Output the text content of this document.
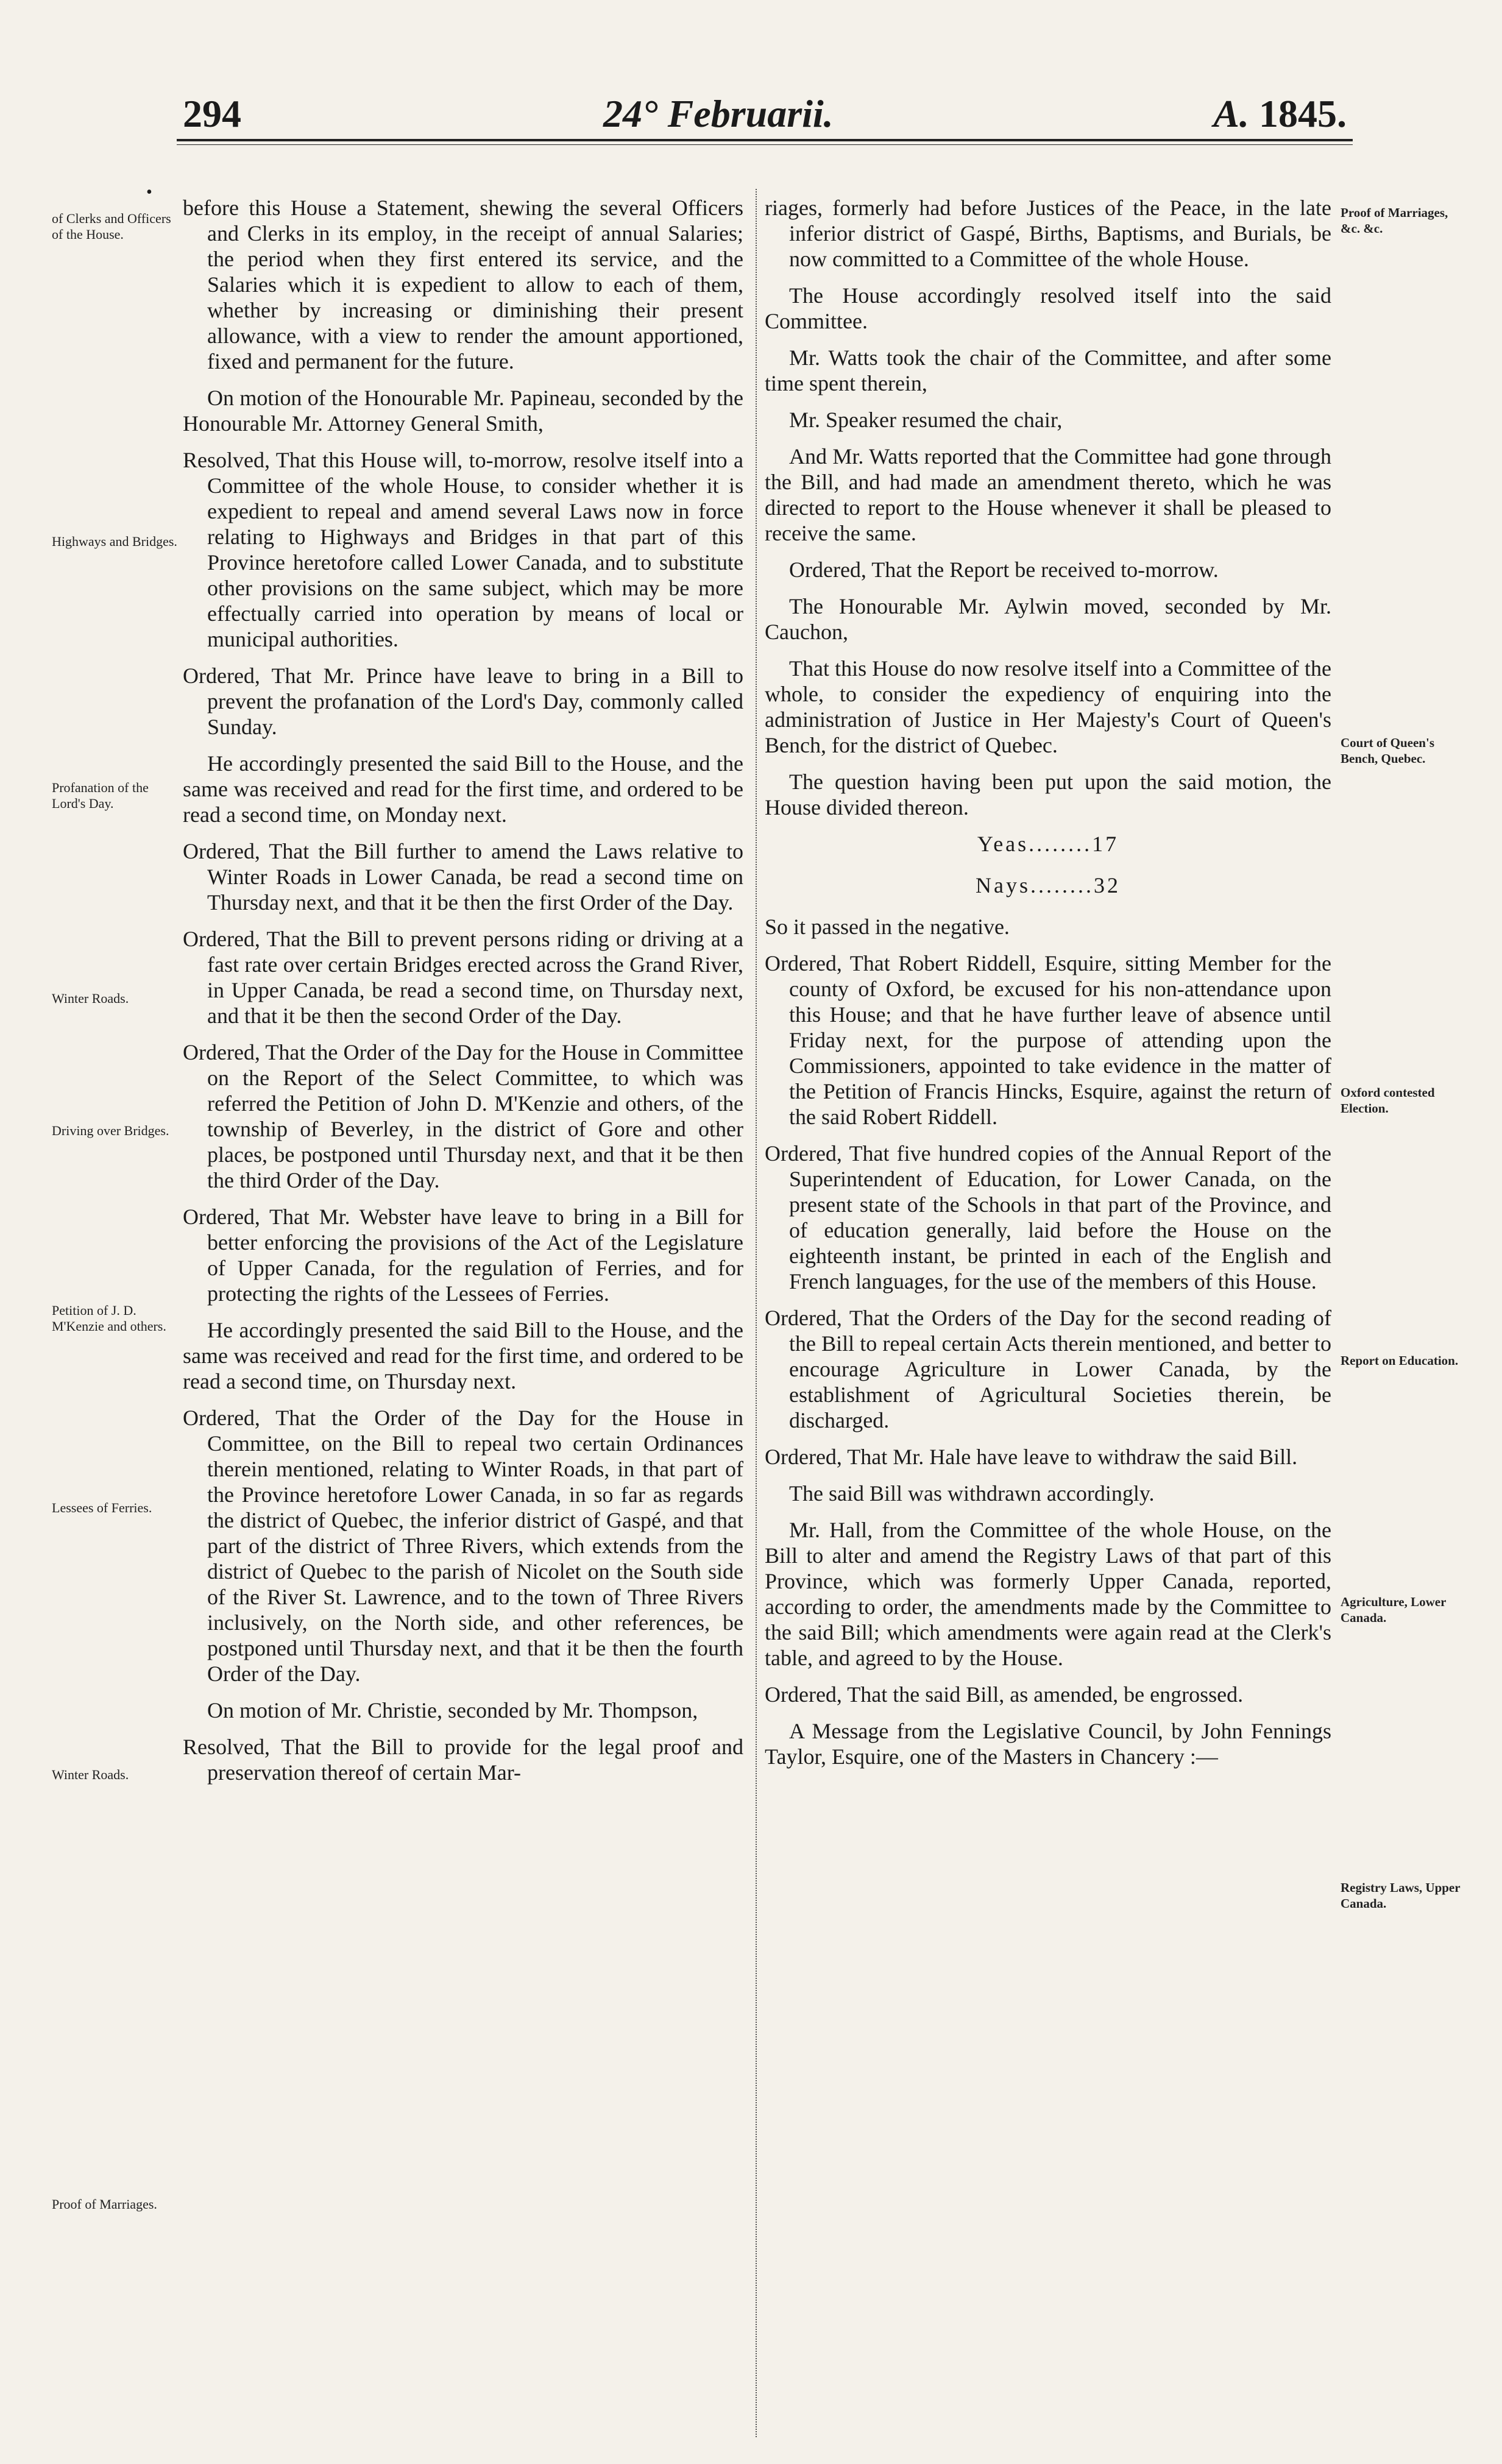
294	24° Februarii.	A. 1845.
•
of Clerks and Officers of the House.
Highways and Bridges.
Profanation of the Lord's Day.
Winter Roads.
Driving over Bridges.
Petition of J. D. M'Kenzie and others.
Lessees of Ferries.
Winter Roads.
Proof of Marriages.
Proof of Marriages, &c. &c.
Court of Queen's Bench, Quebec.
Oxford contested Election.
Report on Education.
Agriculture, Lower Canada.
Registry Laws, Upper Canada.
before this House a Statement, shewing the several Officers and Clerks in its employ, in the receipt of annual Salaries; the period when they first entered its service, and the Salaries which it is expedient to allow to each of them, whether by increasing or diminishing their present allowance, with a view to render the amount apportioned, fixed and permanent for the future.
On motion of the Honourable Mr. Papineau, seconded by the Honourable Mr. Attorney General Smith,
Resolved, That this House will, to-morrow, resolve itself into a Committee of the whole House, to consider whether it is expedient to repeal and amend several Laws now in force relating to Highways and Bridges in that part of this Province heretofore called Lower Canada, and to substitute other provisions on the same subject, which may be more effectually carried into operation by means of local or municipal authorities.
Ordered, That Mr. Prince have leave to bring in a Bill to prevent the profanation of the Lord's Day, commonly called Sunday.
He accordingly presented the said Bill to the House, and the same was received and read for the first time, and ordered to be read a second time, on Monday next.
Ordered, That the Bill further to amend the Laws relative to Winter Roads in Lower Canada, be read a second time on Thursday next, and that it be then the first Order of the Day.
Ordered, That the Bill to prevent persons riding or driving at a fast rate over certain Bridges erected across the Grand River, in Upper Canada, be read a second time, on Thursday next, and that it be then the second Order of the Day.
Ordered, That the Order of the Day for the House in Committee on the Report of the Select Committee, to which was referred the Petition of John D. M'Kenzie and others, of the township of Beverley, in the district of Gore and other places, be postponed until Thursday next, and that it be then the third Order of the Day.
Ordered, That Mr. Webster have leave to bring in a Bill for better enforcing the provisions of the Act of the Legislature of Upper Canada, for the regulation of Ferries, and for protecting the rights of the Lessees of Ferries.
He accordingly presented the said Bill to the House, and the same was received and read for the first time, and ordered to be read a second time, on Thursday next.
Ordered, That the Order of the Day for the House in Committee, on the Bill to repeal two certain Ordinances therein mentioned, relating to Winter Roads, in that part of the Province heretofore Lower Canada, in so far as regards the district of Quebec, the inferior district of Gaspé, and that part of the district of Three Rivers, which extends from the district of Quebec to the parish of Nicolet on the South side of the River St. Lawrence, and to the town of Three Rivers inclusively, on the North side, and other references, be postponed until Thursday next, and that it be then the fourth Order of the Day.
On motion of Mr. Christie, seconded by Mr. Thompson,
Resolved, That the Bill to provide for the legal proof and preservation thereof of certain Mar-
riages, formerly had before Justices of the Peace, in the late inferior district of Gaspé, Births, Baptisms, and Burials, be now committed to a Committee of the whole House.
The House accordingly resolved itself into the said Committee.
Mr. Watts took the chair of the Committee, and after some time spent therein,
Mr. Speaker resumed the chair,
And Mr. Watts reported that the Committee had gone through the Bill, and had made an amendment thereto, which he was directed to report to the House whenever it shall be pleased to receive the same.
Ordered, That the Report be received to-morrow.
The Honourable Mr. Aylwin moved, seconded by Mr. Cauchon,
That this House do now resolve itself into a Committee of the whole, to consider the expediency of enquiring into the administration of Justice in Her Majesty's Court of Queen's Bench, for the district of Quebec.
The question having been put upon the said motion, the House divided thereon.
Yeas........17
Nays........32
So it passed in the negative.
Ordered, That Robert Riddell, Esquire, sitting Member for the county of Oxford, be excused for his non-attendance upon this House; and that he have further leave of absence until Friday next, for the purpose of attending upon the Commissioners, appointed to take evidence in the matter of the Petition of Francis Hincks, Esquire, against the return of the said Robert Riddell.
Ordered, That five hundred copies of the Annual Report of the Superintendent of Education, for Lower Canada, on the present state of the Schools in that part of the Province, and of education generally, laid before the House on the eighteenth instant, be printed in each of the English and French languages, for the use of the members of this House.
Ordered, That the Orders of the Day for the second reading of the Bill to repeal certain Acts therein mentioned, and better to encourage Agriculture in Lower Canada, by the establishment of Agricultural Societies therein, be discharged.
Ordered, That Mr. Hale have leave to withdraw the said Bill.
The said Bill was withdrawn accordingly.
Mr. Hall, from the Committee of the whole House, on the Bill to alter and amend the Registry Laws of that part of this Province, which was formerly Upper Canada, reported, according to order, the amendments made by the Committee to the said Bill; which amendments were again read at the Clerk's table, and agreed to by the House.
Ordered, That the said Bill, as amended, be engrossed.
A Message from the Legislative Council, by John Fennings Taylor, Esquire, one of the Masters in Chancery :—
